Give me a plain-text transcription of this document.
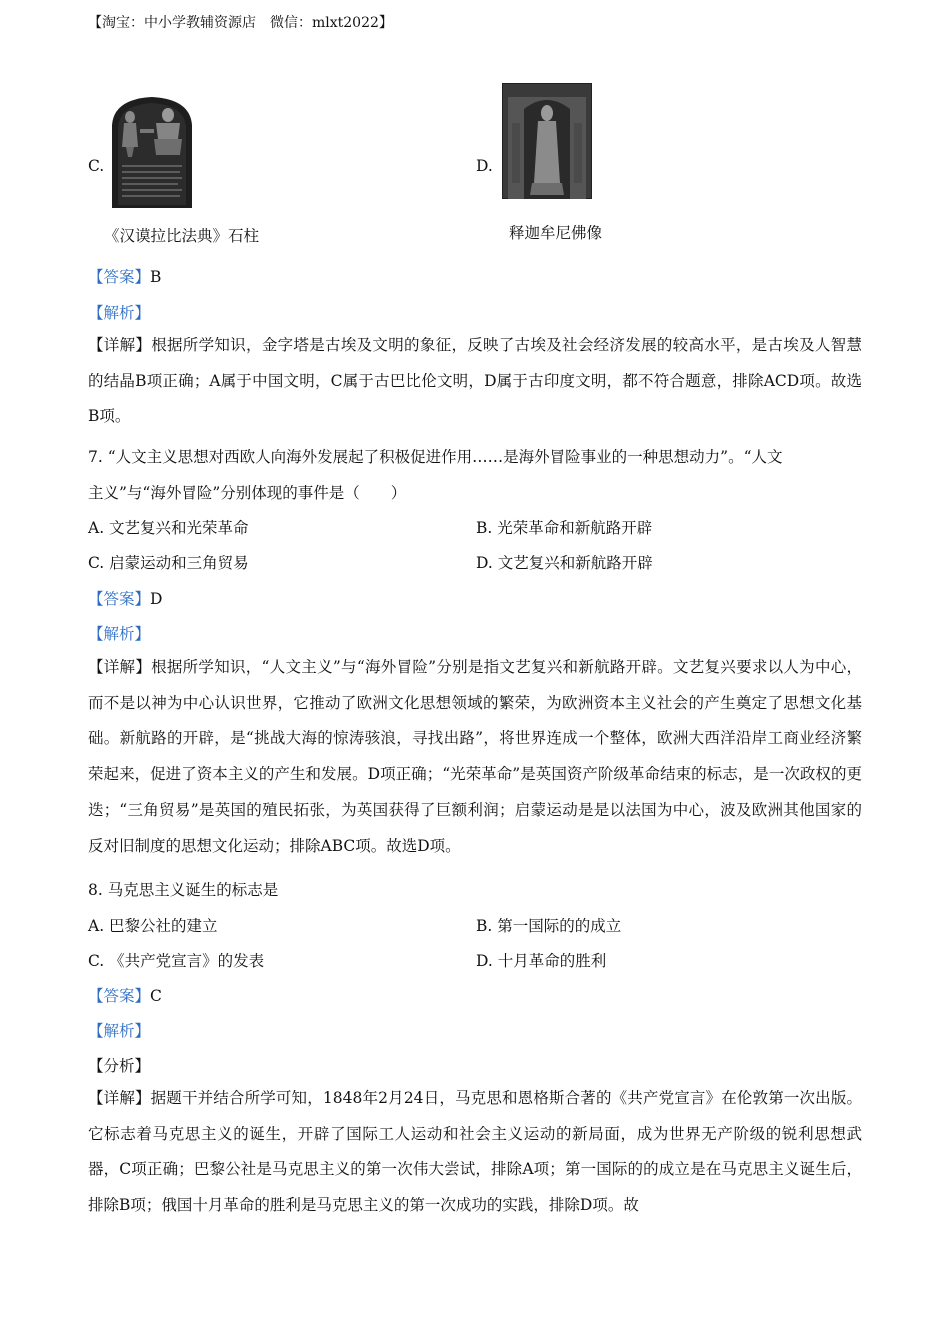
【淘宝：中小学教辅资源店　微信：mlxt2022】
C.
《汉谟拉比法典》石柱
D.
释迦牟尼佛像
【答案】B
【解析】
【详解】根据所学知识，金字塔是古埃及文明的象征，反映了古埃及社会经济发展的较高水平，是古埃及人智慧的结晶B项正确；A属于中国文明，C属于古巴比伦文明，D属于古印度文明，都不符合题意，排除ACD项。故选B项。
7. “人文主义思想对西欧人向海外发展起了积极促进作用……是海外冒险事业的一种思想动力”。“人文
主义”与“海外冒险”分别体现的事件是（　　）
A. 文艺复兴和光荣革命	B. 光荣革命和新航路开辟
C. 启蒙运动和三角贸易	D. 文艺复兴和新航路开辟
【答案】D
【解析】
【详解】根据所学知识，“人文主义”与“海外冒险”分别是指文艺复兴和新航路开辟。文艺复兴要求以人为中心，而不是以神为中心认识世界，它推动了欧洲文化思想领域的繁荣，为欧洲资本主义社会的产生奠定了思想文化基础。新航路的开辟，是“挑战大海的惊涛骇浪，寻找出路”，将世界连成一个整体，欧洲大西洋沿岸工商业经济繁荣起来，促进了资本主义的产生和发展。D项正确；“光荣革命”是英国资产阶级革命结束的标志，是一次政权的更迭；“三角贸易”是英国的殖民拓张，为英国获得了巨额利润；启蒙运动是是以法国为中心，波及欧洲其他国家的反对旧制度的思想文化运动；排除ABC项。故选D项。
8. 马克思主义诞生的标志是
A. 巴黎公社的建立	B. 第一国际的的成立
C. 《共产党宣言》的发表	D. 十月革命的胜利
【答案】C
【解析】
【分析】
【详解】据题干并结合所学可知，1848年2月24日，马克思和恩格斯合著的《共产党宣言》在伦敦第一次出版。它标志着马克思主义的诞生，开辟了国际工人运动和社会主义运动的新局面，成为世界无产阶级的锐利思想武器，C项正确；巴黎公社是马克思主义的第一次伟大尝试，排除A项；第一国际的的成立是在马克思主义诞生后，排除B项；俄国十月革命的胜利是马克思主义的第一次成功的实践，排除D项。故
